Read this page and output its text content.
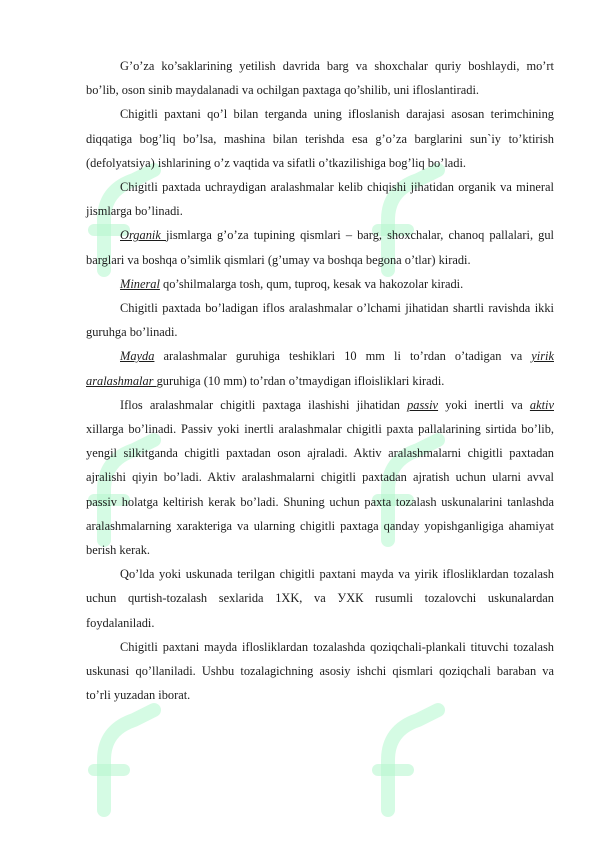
G’o’za ko’saklarining yetilish davrida barg va shoxchalar quriy boshlaydi, mo’rt bo’lib, oson sinib maydalanadi va ochilgan paxtaga qo’shilib, uni ifloslantiradi.

Chigitli paxtani qo’l bilan terganda uning ifloslanish darajasi asosan terimchining diqqatiga bog’liq bo’lsa, mashina bilan terishda esa g’o’za barglarini sun`iy to’ktirish (defolyatsiya) ishlarining o’z vaqtida va sifatli o’tkazilishiga bog’liq bo’ladi.

Chigitli paxtada uchraydigan aralashmalar kelib chiqishi jihatidan organik va mineral jismlarga bo’linadi.

Organik jismlarga g’o’za tupining qismlari – barg, shoxchalar, chanoq pallalari, gul barglari va boshqa o’simlik qismlari (g’umay va boshqa begona o’tlar) kiradi.

Mineral qo’shilmalarga tosh, qum, tuproq, kesak va hakozolar kiradi.

Chigitli paxtada bo’ladigan iflos aralashmalar o’lchami jihatidan shartli ravishda ikki guruhga bo’linadi.

Mayda aralashmalar guruhiga teshiklari 10 mm li to’rdan o’tadigan va yirik aralashmalar guruhiga (10 mm) to’rdan o’tmaydigan ifloisliklari kiradi.

Iflos aralashmalar chigitli paxtaga ilashishi jihatidan passiv yoki inertli va aktiv xillarga bo’linadi. Passiv yoki inertli aralashmalar chigitli paxta pallalarining sirtida bo’lib, yengil silkitganda chigitli paxtadan oson ajraladi. Aktiv aralashmalarni chigitli paxtadan ajralishi qiyin bo’ladi. Aktiv aralashmalarni chigitli paxtadan ajratish uchun ularni avval passiv holatga keltirish kerak bo’ladi. Shuning uchun paxta tozalash uskunalarini tanlashda aralashmalarning xarakteriga va ularning chigitli paxtaga qanday yopishganligiga ahamiyat berish kerak.

Qo’lda yoki uskunada terilgan chigitli paxtani mayda va yirik iflosliklardan tozalash uchun qurtish-tozalash sexlarida 1XK, va УХК rusumli tozalovchi uskunalardan foydalaniladi.

Chigitli paxtani mayda iflosliklardan tozalashda qoziqchali-plankali tituvchi tozalash uskunasi qo’llaniladi. Ushbu tozalagichning asosiy ishchi qismlari qoziqchali baraban va to’rli yuzadan iborat.
